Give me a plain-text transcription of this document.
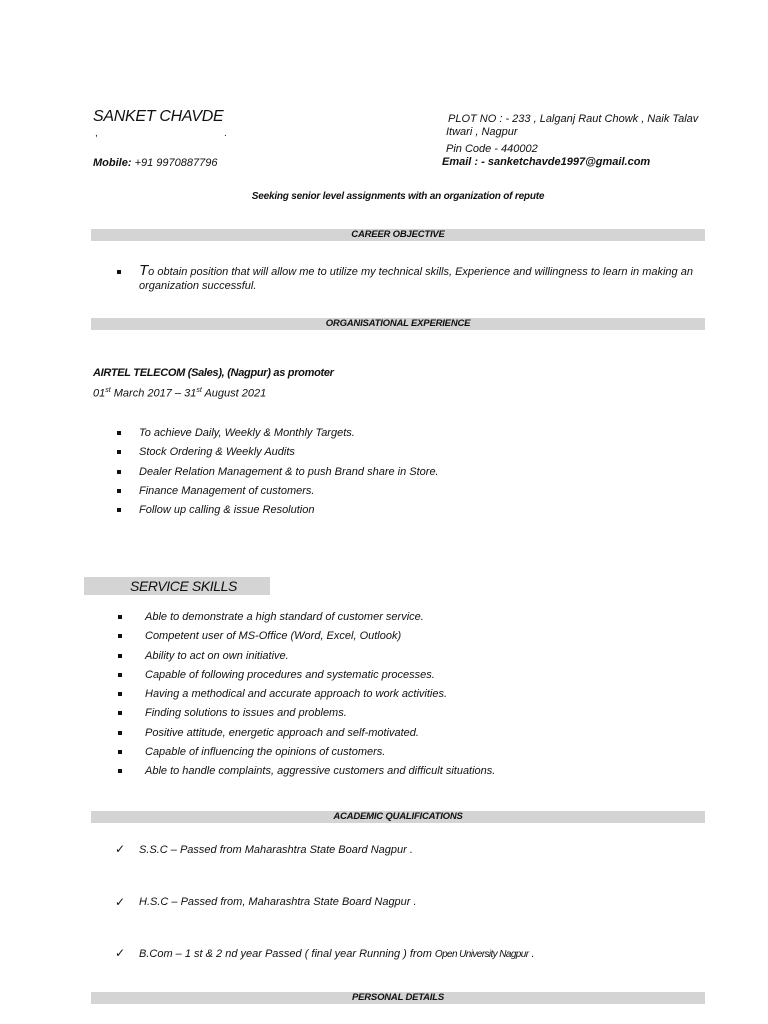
SANKET CHAVDE
,	.
Mobile: +91 9970887796
PLOT NO : - 233 , Lalganj Raut Chowk , Naik Talav
Itwari , Nagpur
Pin Code - 440002
Email : - sanketchavde1997@gmail.com
Seeking senior level assignments with an organization of repute
CAREER OBJECTIVE
To obtain position that will allow me to utilize my technical skills, Experience and willingness to learn in making an organization successful.
ORGANISATIONAL EXPERIENCE
AIRTEL TELECOM (Sales), (Nagpur) as promoter
01st March 2017 – 31st August 2021
To achieve Daily, Weekly & Monthly Targets.
Stock Ordering & Weekly Audits
Dealer Relation Management & to push Brand share in Store.
Finance Management of customers.
Follow up calling & issue Resolution
SERVICE SKILLS
Able to demonstrate a high standard of customer service.
Competent user of MS-Office (Word, Excel, Outlook)
Ability to act on own initiative.
Capable of following procedures and systematic processes.
Having a methodical and accurate approach to work activities.
Finding solutions to issues and problems.
Positive attitude, energetic approach and self-motivated.
Capable of influencing the opinions of customers.
Able to handle complaints, aggressive customers and difficult situations.
ACADEMIC QUALIFICATIONS
✓ S.S.C – Passed from Maharashtra State Board Nagpur .
✓ H.S.C – Passed from, Maharashtra State Board Nagpur .
✓ B.Com – 1 st & 2 nd year Passed ( final year Running ) from Open University Nagpur .
PERSONAL DETAILS
